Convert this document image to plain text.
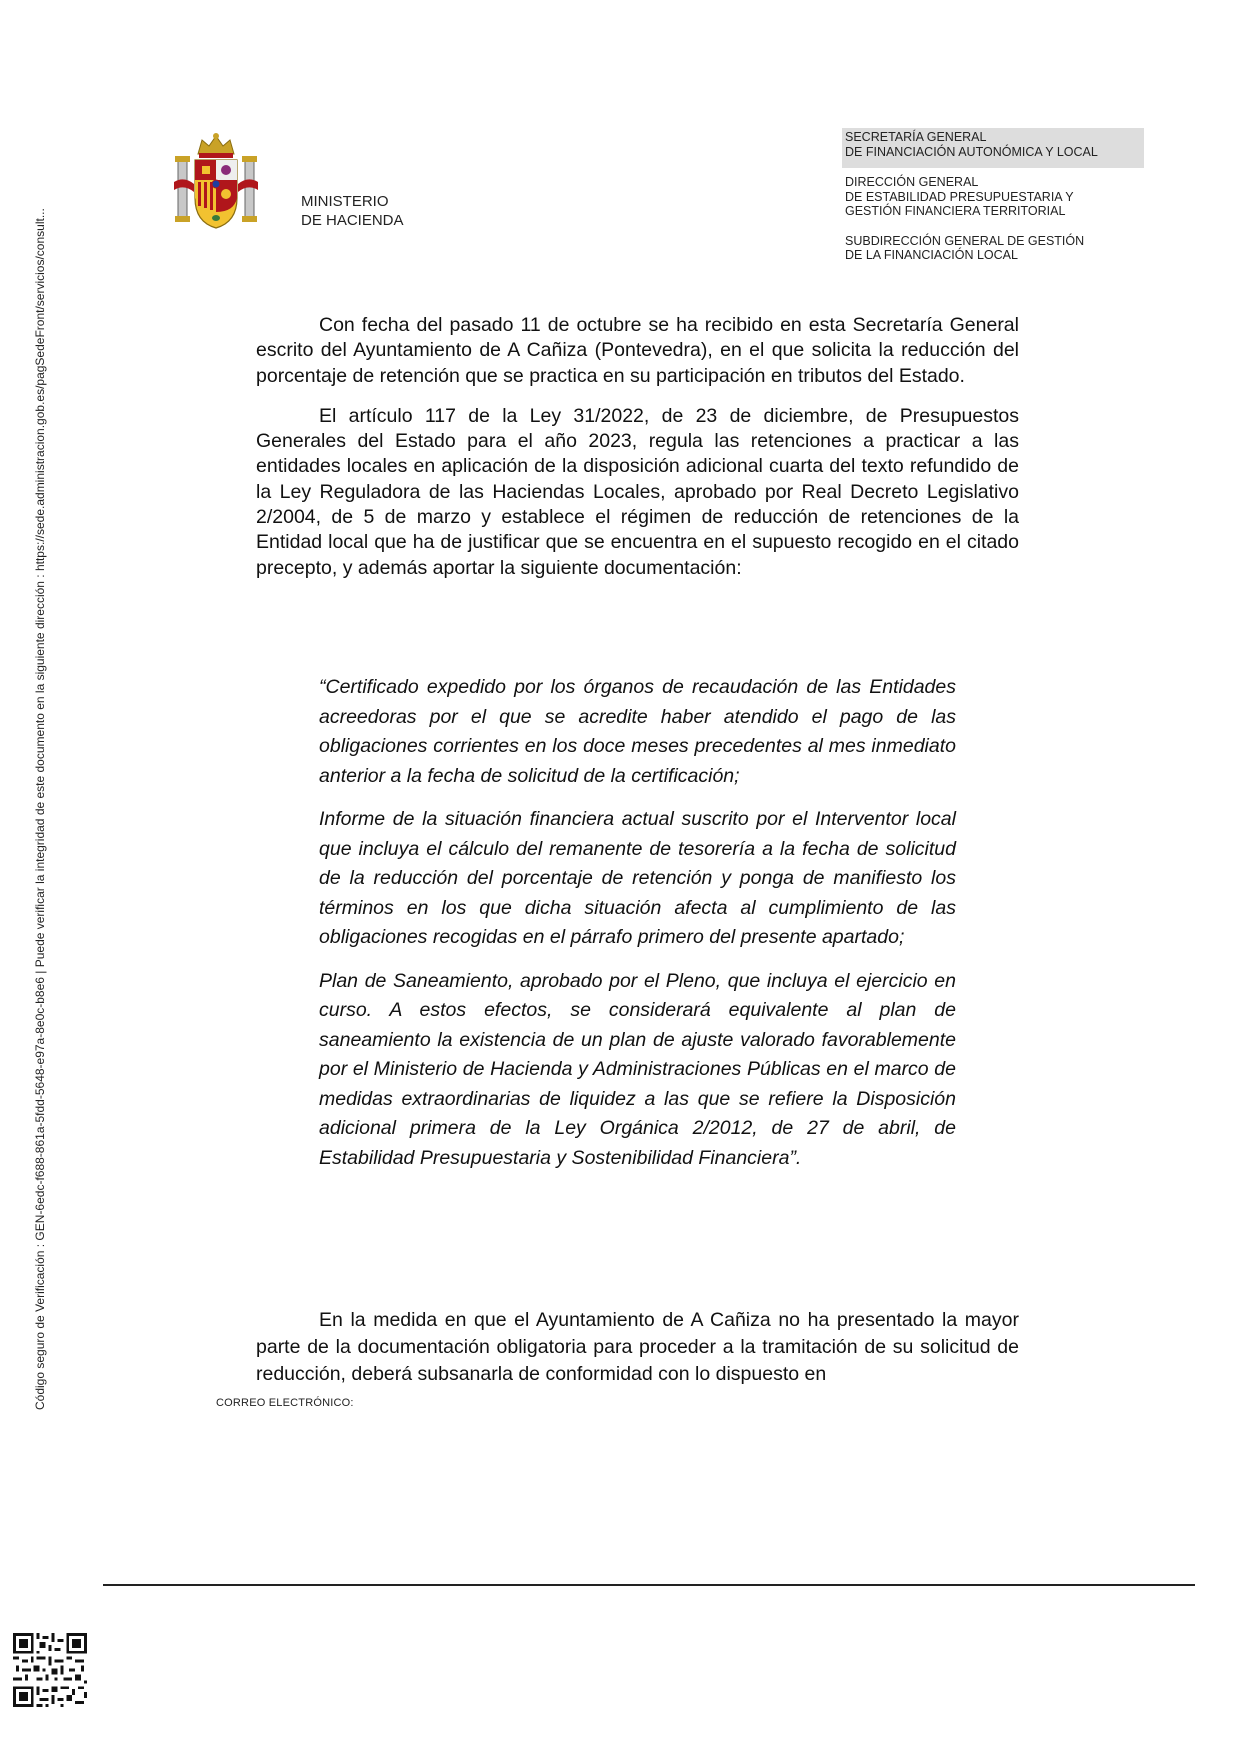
Código seguro de Verificación : GEN-6edc-f688-861a-5fdd-5648-e97a-8e0c-b8e6 | Puede verificar la integridad de este documento en la siguiente dirección : https://sede.administracion.gob.es/pagSedeFront/servicios/consult...
MINISTERIO
DE HACIENDA
SECRETARÍA GENERAL
DE FINANCIACIÓN AUTONÓMICA Y LOCAL
DIRECCIÓN GENERAL
DE ESTABILIDAD PRESUPUESTARIA Y
GESTIÓN FINANCIERA TERRITORIAL
SUBDIRECCIÓN GENERAL DE GESTIÓN
DE LA FINANCIACIÓN LOCAL

Con fecha del pasado 11 de octubre se ha recibido en esta Secretaría General escrito del Ayuntamiento de A Cañiza (Pontevedra), en el que solicita la reducción del porcentaje de retención que se practica en su participación en tributos del Estado.

El artículo 117 de la Ley 31/2022, de 23 de diciembre, de Presupuestos Generales del Estado para el año 2023, regula las retenciones a practicar a las entidades locales en aplicación de la disposición adicional cuarta del texto refundido de la Ley Reguladora de las Haciendas Locales, aprobado por Real Decreto Legislativo 2/2004, de 5 de marzo y establece el régimen de reducción de retenciones de la Entidad local que ha de justificar que se encuentra en el supuesto recogido en el citado precepto, y además aportar la siguiente documentación:

“Certificado expedido por los órganos de recaudación de las Entidades acreedoras por el que se acredite haber atendido el pago de las obligaciones corrientes en los doce meses precedentes al mes inmediato anterior a la fecha de solicitud de la certificación;

Informe de la situación financiera actual suscrito por el Interventor local que incluya el cálculo del remanente de tesorería a la fecha de solicitud de la reducción del porcentaje de retención y ponga de manifiesto los términos en los que dicha situación afecta al cumplimiento de las obligaciones recogidas en el párrafo primero del presente apartado;

Plan de Saneamiento, aprobado por el Pleno, que incluya el ejercicio en curso. A estos efectos, se considerará equivalente al plan de saneamiento la existencia de un plan de ajuste valorado favorablemente por el Ministerio de Hacienda y Administraciones Públicas en el marco de medidas extraordinarias de liquidez a las que se refiere la Disposición adicional primera de la Ley Orgánica 2/2012, de 27 de abril, de Estabilidad Presupuestaria y Sostenibilidad Financiera”.

En la medida en que el Ayuntamiento de A Cañiza no ha presentado la mayor parte de la documentación obligatoria para proceder a la tramitación de su solicitud de reducción, deberá subsanarla de conformidad con lo dispuesto en

CORREO ELECTRÓNICO:
